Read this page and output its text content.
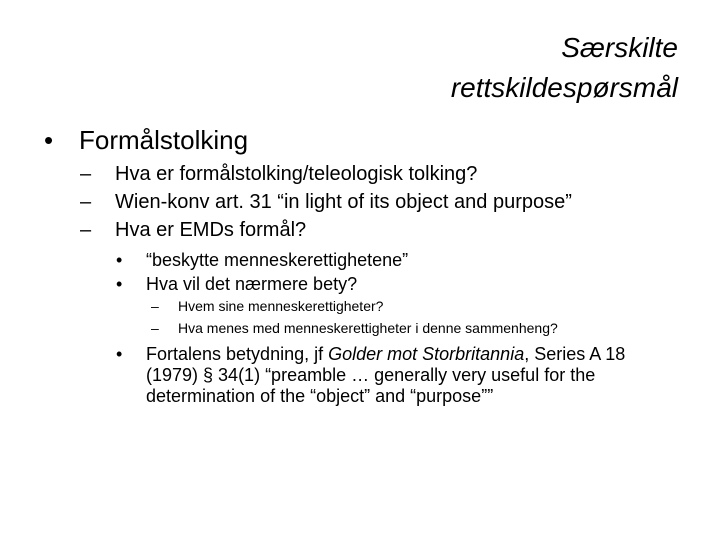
Særskilte
rettskildespørsmål
• Formålstolking
– Hva er formålstolking/teleologisk tolking?
– Wien-konv art. 31 “in light of its object and purpose”
– Hva er EMDs formål?
• “beskytte menneskerettighetene”
• Hva vil det nærmere bety?
– Hvem sine menneskerettigheter?
– Hva menes med menneskerettigheter i denne sammenheng?
• Fortalens betydning, jf Golder mot Storbritannia, Series A 18 (1979) § 34(1) “preamble … generally very useful for the determination of the “object” and “purpose””
